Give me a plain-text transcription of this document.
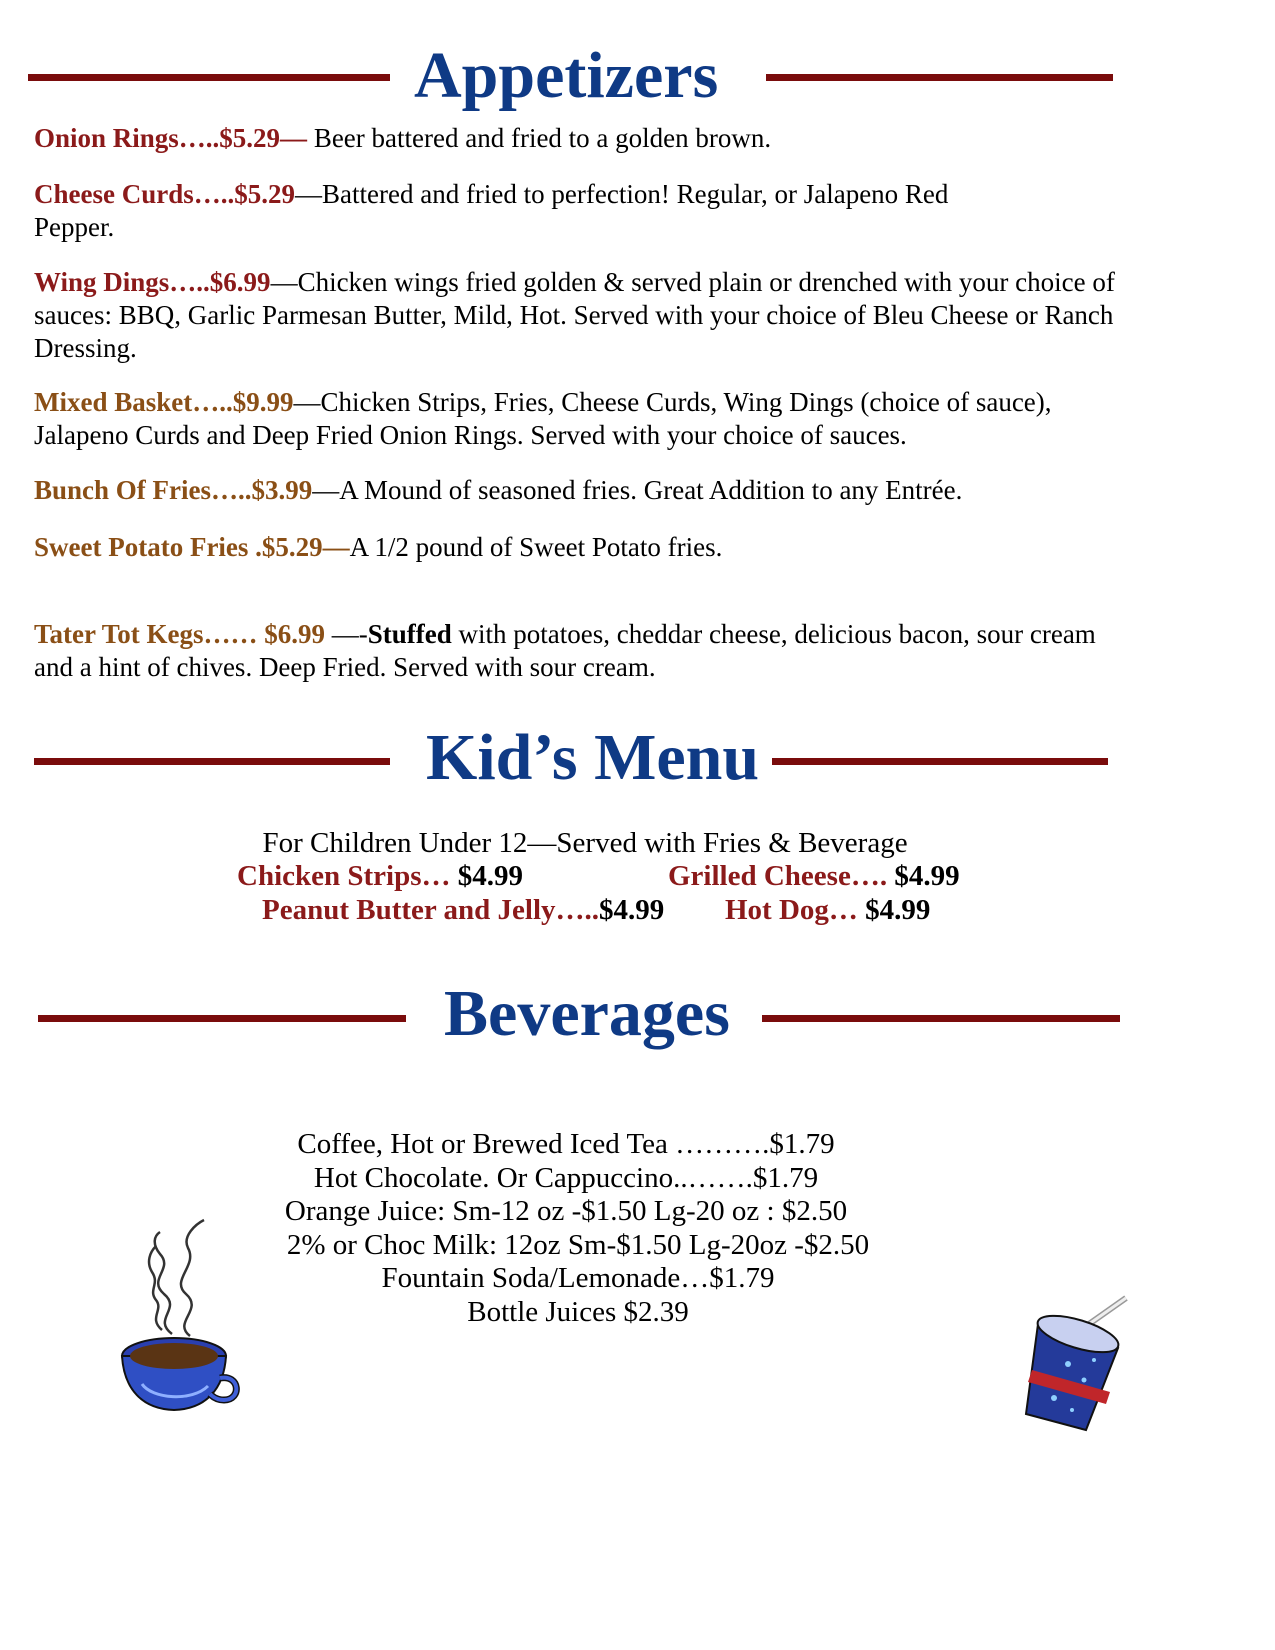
Appetizers
Onion Rings…..$5.29— Beer battered and fried to a golden brown.
Cheese Curds…..$5.29—Battered and fried to perfection! Regular, or Jalapeno Red Pepper.
Wing Dings…..$6.99—Chicken wings fried golden & served plain or drenched with your choice of sauces: BBQ, Garlic Parmesan Butter, Mild, Hot. Served with your choice of Bleu Cheese or Ranch Dressing.
Mixed Basket…..$9.99—Chicken Strips, Fries, Cheese Curds, Wing Dings (choice of sauce), Jalapeno Curds and Deep Fried Onion Rings. Served with your choice of sauces.
Bunch Of Fries…..$3.99—A Mound of seasoned fries. Great Addition to any Entrée.
Sweet Potato Fries .$5.29—A 1/2 pound of Sweet Potato fries.
Tater Tot Kegs…… $6.99 —-Stuffed with potatoes, cheddar cheese, delicious bacon, sour cream and a hint of chives. Deep Fried. Served with sour cream.
Kid’s Menu
For Children Under 12—Served with Fries & Beverage
Chicken Strips… $4.99	Grilled Cheese…. $4.99
Peanut Butter and Jelly…..$4.99 Hot Dog… $4.99
Beverages
Coffee, Hot or Brewed Iced Tea ……….$1.79
Hot Chocolate. Or Cappuccino..…….$1.79
Orange Juice: Sm-12 oz -$1.50 Lg-20 oz : $2.50
2% or Choc Milk: 12oz Sm-$1.50 Lg-20oz -$2.50
Fountain Soda/Lemonade…$1.79
Bottle Juices $2.39
